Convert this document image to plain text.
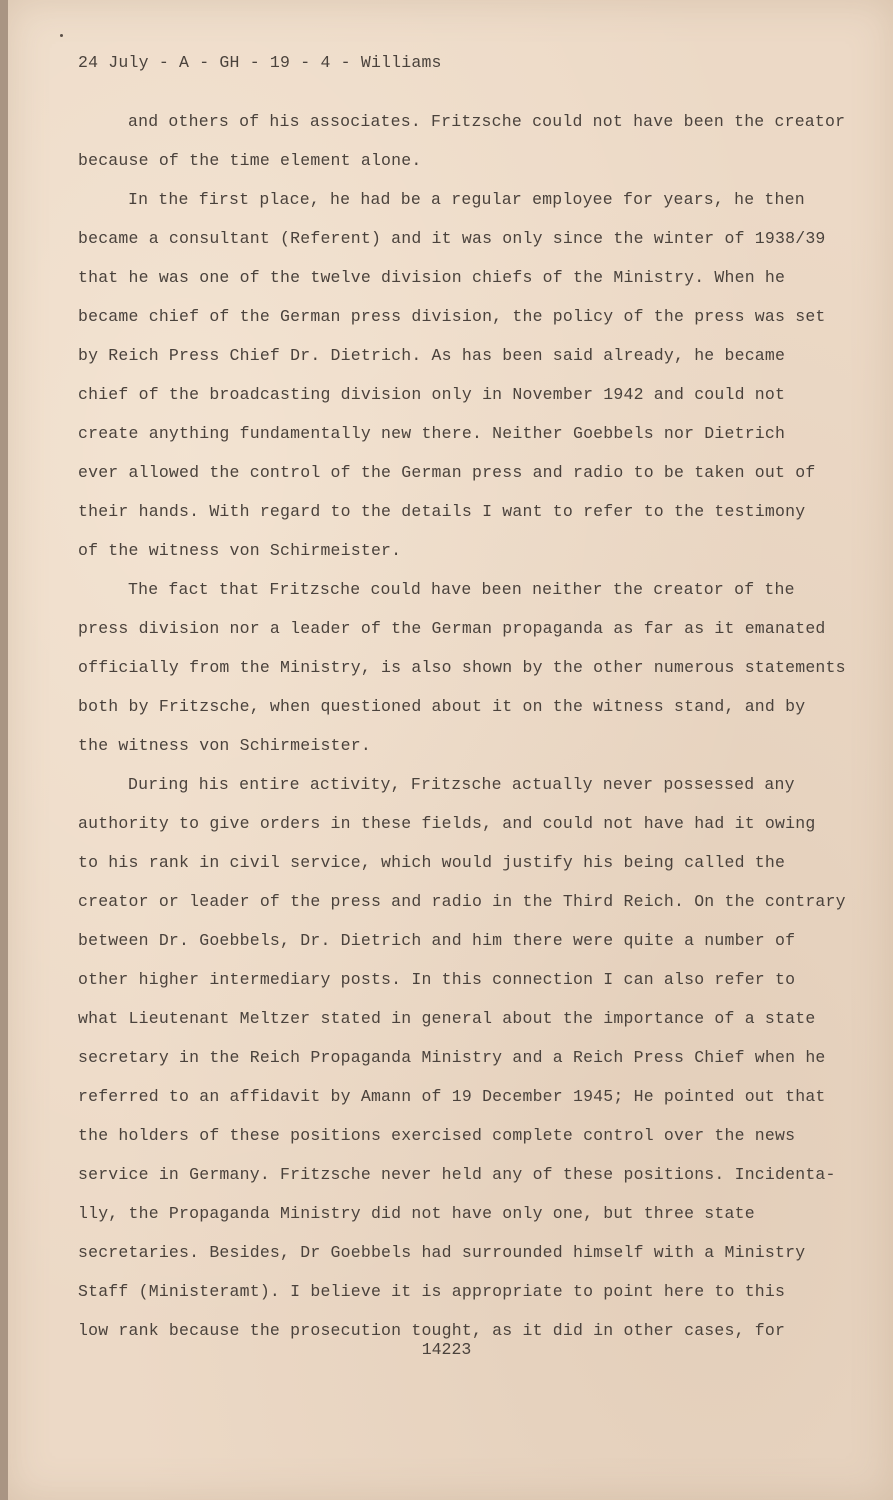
24 July - A - GH - 19 - 4 - Williams
and others of his associates. Fritzsche could not have been the creator
because of the time element alone.
In the first place, he had be a regular employee for years, he then
became a consultant (Referent) and it was only since the winter of 1938/39
that he was one of the twelve division chiefs of the Ministry. When he
became chief of the German press division, the policy of the press was set
by Reich Press Chief Dr. Dietrich. As has been said already, he became
chief of the broadcasting division only in November 1942 and could not
create anything fundamentally new there. Neither Goebbels nor Dietrich
ever allowed the control of the German press and radio to be taken out of
their hands. With regard to the details I want to refer to the testimony
of the witness von Schirmeister.
The fact that Fritzsche could have been neither the creator of the
press division nor a leader of the German propaganda as far as it emanated
officially from the Ministry, is also shown by the other numerous statements
both by Fritzsche, when questioned about it on the witness stand, and by
the witness von Schirmeister.
During his entire activity, Fritzsche actually never possessed any
authority to give orders in these fields, and could not have had it owing
to his rank in civil service, which would justify his being called the
creator or leader of the press and radio in the Third Reich. On the contrary
between Dr. Goebbels, Dr. Dietrich and him there were quite a number of
other higher intermediary posts. In this connection I can also refer to
what Lieutenant Meltzer stated in general about the importance of a state
secretary in the Reich Propaganda Ministry and a Reich Press Chief when he
referred to an affidavit by Amann of 19 December 1945; He pointed out that
the holders of these positions exercised complete control over the news
service in Germany. Fritzsche never held any of these positions. Incidenta-
lly, the Propaganda Ministry did not have only one, but three state
secretaries. Besides, Dr Goebbels had surrounded himself with a Ministry
Staff (Ministeramt). I believe it is appropriate to point here to this
low rank because the prosecution tought, as it did in other cases, for
14223
